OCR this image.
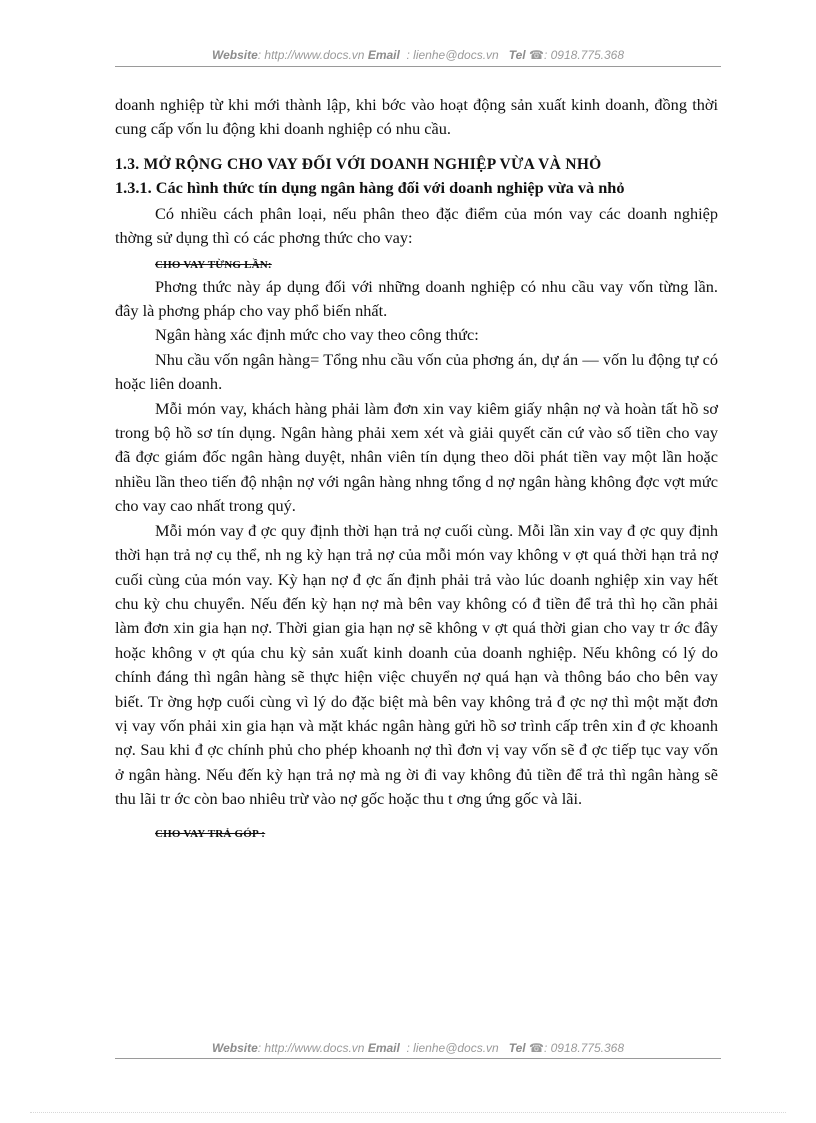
Website: http://www.docs.vn Email : lienhe@docs.vn Tel ☎: 0918.775.368

doanh nghiệp từ khi mới thành lập, khi bớc vào hoạt động sản xuất kinh doanh, đồng thời cung cấp vốn lu động khi doanh nghiệp có nhu cầu.

1.3. MỞ RỘNG CHO VAY ĐỐI VỚI DOANH NGHIỆP VỪA VÀ NHỎ
1.3.1. Các hình thức tín dụng ngân hàng đối với doanh nghiệp vừa và nhỏ

Có nhiều cách phân loại, nếu phân theo đặc điểm của món vay các doanh nghiệp thờng sử dụng thì có các phơng thức cho vay:

CHO VAY TỪNG LẦN:

Phơng thức này áp dụng đối với những doanh nghiệp có nhu cầu vay vốn từng lần. đây là phơng pháp cho vay phổ biến nhất.

Ngân hàng xác định mức cho vay theo công thức:

Nhu cầu vốn ngân hàng= Tổng nhu cầu vốn của phơng án, dự án — vốn lu động tự có hoặc liên doanh.

Mỗi món vay, khách hàng phải làm đơn xin vay kiêm giấy nhận nợ và hoàn tất hồ sơ trong bộ hồ sơ tín dụng. Ngân hàng phải xem xét và giải quyết căn cứ vào số tiền cho vay đã đợc giám đốc ngân hàng duyệt, nhân viên tín dụng theo dõi phát tiền vay một lần hoặc nhiều lần theo tiến độ nhận nợ với ngân hàng nhng tổng d nợ ngân hàng không đợc vợt mức cho vay cao nhất trong quý.

Mỗi món vay đ ợc quy định thời hạn trả nợ cuối cùng. Mỗi lần xin vay đ ợc quy định thời hạn trả nợ cụ thể, nh ng kỳ hạn trả nợ của mỗi món vay không v ợt quá thời hạn trả nợ cuối cùng của món vay. Kỳ hạn nợ đ ợc ấn định phải trả vào lúc doanh nghiệp xin vay hết chu kỳ chu chuyển. Nếu đến kỳ hạn nợ mà bên vay không có đ tiền để trả thì họ cần phải làm đơn xin gia hạn nợ. Thời gian gia hạn nợ sẽ không v ợt quá thời gian cho vay tr ớc đây hoặc không v ợt qúa chu kỳ sản xuất kinh doanh của doanh nghiệp. Nếu không có lý do chính đáng thì ngân hàng sẽ thực hiện việc chuyển nợ quá hạn và thông báo cho bên vay biết. Tr ờng hợp cuối cùng vì lý do đặc biệt mà bên vay không trả đ ợc nợ thì một mặt đơn vị vay vốn phải xin gia hạn và mặt khác ngân hàng gửi hồ sơ trình cấp trên xin đ ợc khoanh nợ. Sau khi đ ợc chính phủ cho phép khoanh nợ thì đơn vị vay vốn sẽ đ ợc tiếp tục vay vốn ở ngân hàng. Nếu đến kỳ hạn trả nợ mà ng ời đi vay không đủ tiền để trả thì ngân hàng sẽ thu lãi tr ớc còn bao nhiêu trừ vào nợ gốc hoặc thu t ơng ứng gốc và lãi.

CHO VAY TRẢ GÓP :
Website: http://www.docs.vn Email : lienhe@docs.vn Tel ☎: 0918.775.368
